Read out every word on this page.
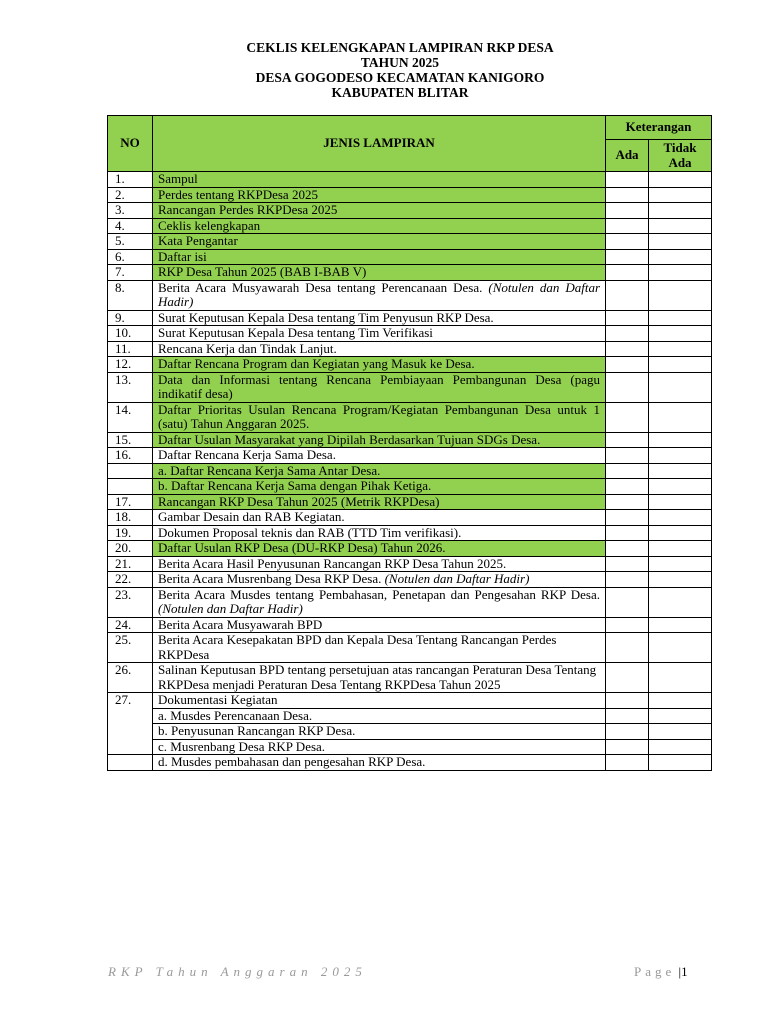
CEKLIS KELENGKAPAN LAMPIRAN RKP DESA
TAHUN 2025
DESA GOGODESO KECAMATAN KANIGORO
KABUPATEN BLITAR
NO	JENIS LAMPIRAN	Keterangan	
		Ada	Tidak Ada
1.	Sampul		
2.	Perdes tentang RKPDesa 2025		
3.	Rancangan Perdes RKPDesa 2025		
4.	Ceklis kelengkapan		
5.	Kata Pengantar		
6.	Daftar isi		
7.	RKP Desa Tahun 2025 (BAB I-BAB V)		
8.	Berita Acara Musyawarah Desa tentang Perencanaan Desa. (Notulen dan Daftar Hadir)		
9.	Surat Keputusan Kepala Desa tentang Tim Penyusun RKP Desa.		
10.	Surat Keputusan Kepala Desa tentang Tim Verifikasi		
11.	Rencana Kerja dan Tindak Lanjut.		
12.	Daftar Rencana Program dan Kegiatan yang Masuk ke Desa.		
13.	Data dan Informasi tentang Rencana Pembiayaan Pembangunan Desa (pagu indikatif desa)		
14.	Daftar Prioritas Usulan Rencana Program/Kegiatan Pembangunan Desa untuk 1 (satu) Tahun Anggaran 2025.		
15.	Daftar Usulan Masyarakat yang Dipilah Berdasarkan Tujuan SDGs Desa.		
16.	Daftar Rencana Kerja Sama Desa.		
	a. Daftar Rencana Kerja Sama Antar Desa.		
	b. Daftar Rencana Kerja Sama dengan Pihak Ketiga.		
17.	Rancangan RKP Desa Tahun 2025 (Metrik RKPDesa)		
18.	Gambar Desain dan RAB Kegiatan.		
19.	Dokumen Proposal teknis dan RAB (TTD Tim verifikasi).		
20.	Daftar Usulan RKP Desa (DU-RKP Desa) Tahun 2026.		
21.	Berita Acara Hasil Penyusunan Rancangan RKP Desa Tahun 2025.		
22.	Berita Acara Musrenbang Desa RKP Desa. (Notulen dan Daftar Hadir)		
23.	Berita Acara Musdes tentang Pembahasan, Penetapan dan Pengesahan RKP Desa. (Notulen dan Daftar Hadir)		
24.	Berita Acara Musyawarah BPD		
25.	Berita Acara Kesepakatan BPD dan Kepala Desa Tentang Rancangan Perdes RKPDesa		
26.	Salinan Keputusan BPD tentang persetujuan atas rancangan Peraturan Desa Tentang RKPDesa menjadi Peraturan Desa Tentang RKPDesa Tahun 2025		
27.	Dokumentasi Kegiatan		
	a. Musdes Perencanaan Desa.		
	b. Penyusunan Rancangan RKP Desa.		
	c. Musrenbang Desa RKP Desa.		
	d. Musdes pembahasan dan pengesahan RKP Desa.		
RKP Tahun Anggaran 2025	Page |1
